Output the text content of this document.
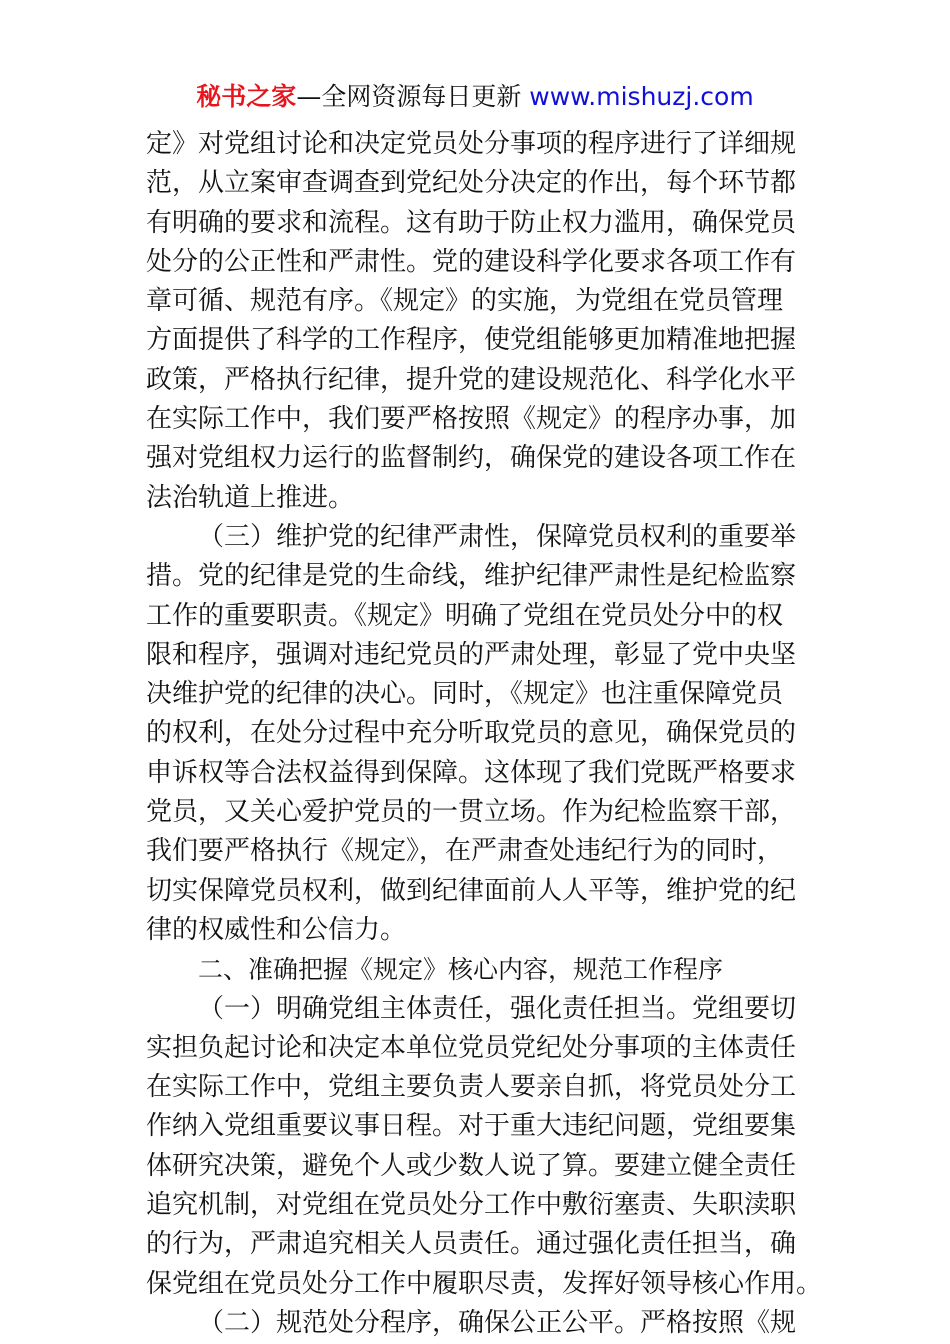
秘书之家—全网资源每日更新 www.mishuzj.com
定》对党组讨论和决定党员处分事项的程序进行了详细规
范，从立案审查调查到党纪处分决定的作出，每个环节都
有明确的要求和流程。这有助于防止权力滥用，确保党员
处分的公正性和严肃性。党的建设科学化要求各项工作有
章可循、规范有序。《规定》的实施，为党组在党员管理
方面提供了科学的工作程序，使党组能够更加精准地把握
政策，严格执行纪律，提升党的建设规范化、科学化水平
在实际工作中，我们要严格按照《规定》的程序办事，加
强对党组权力运行的监督制约，确保党的建设各项工作在
法治轨道上推进。
（三）维护党的纪律严肃性，保障党员权利的重要举
措。党的纪律是党的生命线，维护纪律严肃性是纪检监察
工作的重要职责。《规定》明确了党组在党员处分中的权
限和程序，强调对违纪党员的严肃处理，彰显了党中央坚
决维护党的纪律的决心。同时，《规定》也注重保障党员
的权利，在处分过程中充分听取党员的意见，确保党员的
申诉权等合法权益得到保障。这体现了我们党既严格要求
党员，又关心爱护党员的一贯立场。作为纪检监察干部，
我们要严格执行《规定》，在严肃查处违纪行为的同时，
切实保障党员权利，做到纪律面前人人平等，维护党的纪
律的权威性和公信力。
二、准确把握《规定》核心内容，规范工作程序
（一）明确党组主体责任，强化责任担当。党组要切
实担负起讨论和决定本单位党员党纪处分事项的主体责任
在实际工作中，党组主要负责人要亲自抓，将党员处分工
作纳入党组重要议事日程。对于重大违纪问题，党组要集
体研究决策，避免个人或少数人说了算。要建立健全责任
追究机制，对党组在党员处分工作中敷衍塞责、失职渎职
的行为，严肃追究相关人员责任。通过强化责任担当，确
保党组在党员处分工作中履职尽责，发挥好领导核心作用。
（二）规范处分程序，确保公正公平。严格按照《规
